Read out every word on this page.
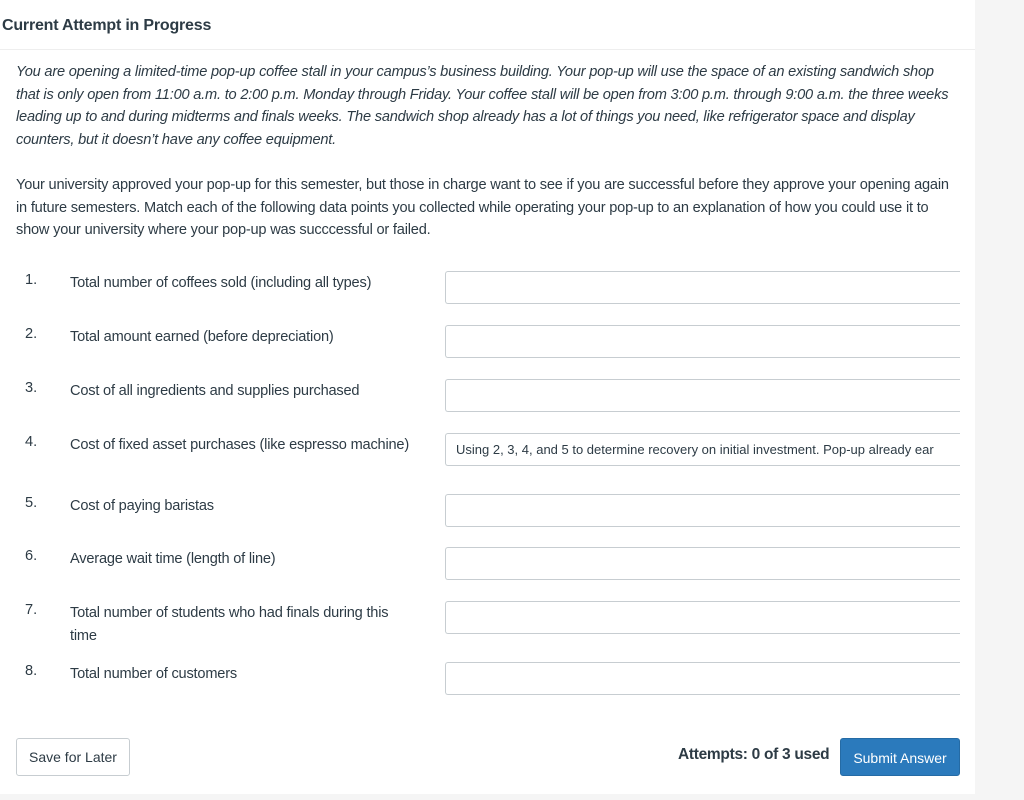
Current Attempt in Progress

You are opening a limited-time pop-up coffee stall in your campus’s business building. Your pop-up will use the space of an existing sandwich shop that is only open from 11:00 a.m. to 2:00 p.m. Monday through Friday. Your coffee stall will be open from 3:00 p.m. through 9:00 a.m. the three weeks leading up to and during midterms and finals weeks. The sandwich shop already has a lot of things you need, like refrigerator space and display counters, but it doesn’t have any coffee equipment.

Your university approved your pop-up for this semester, but those in charge want to see if you are successful before they approve your opening again in future semesters. Match each of the following data points you collected while operating your pop-up to an explanation of how you could use it to show your university where your pop-up was succcessful or failed.

1. Total number of coffees sold (including all types)
2. Total amount earned (before depreciation)
3. Cost of all ingredients and supplies purchased
4. Cost of fixed asset purchases (like espresso machine)	Using 2, 3, 4, and 5 to determine recovery on initial investment. Pop-up already ear
5. Cost of paying baristas
6. Average wait time (length of line)
7. Total number of students who had finals during this time
8. Total number of customers
Save for Later	Attempts: 0 of 3 used	Submit Answer
